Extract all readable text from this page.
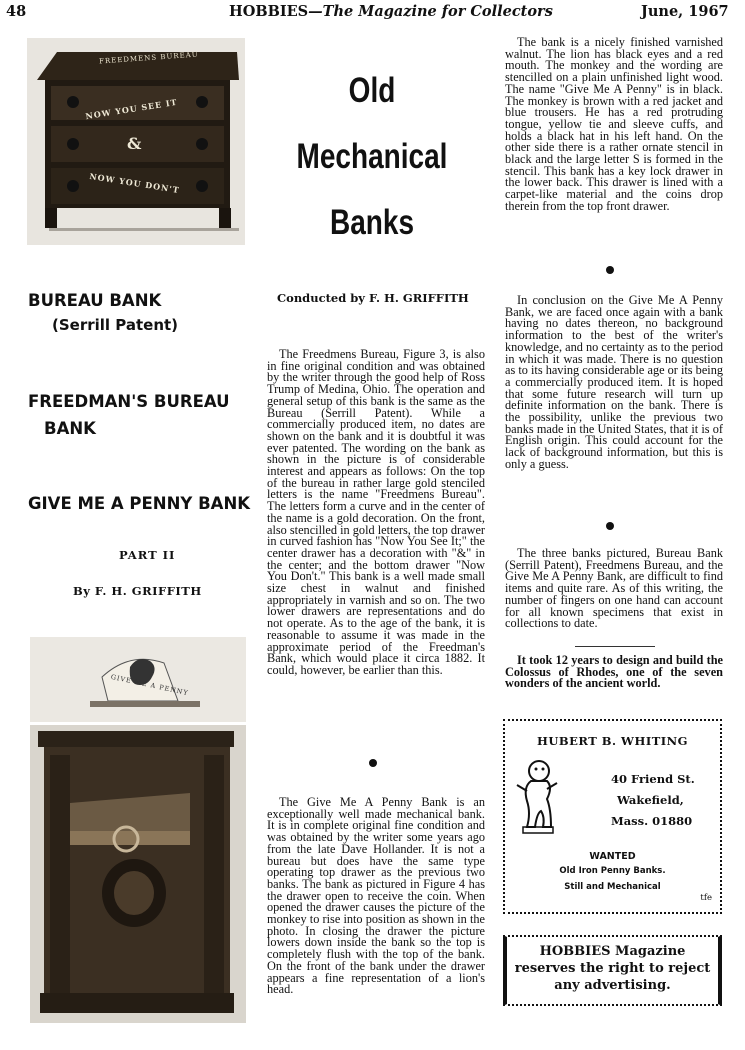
48	HOBBIES—The Magazine for Collectors	June, 1967
FREEDMENS BUREAU
NOW YOU SEE IT
&
NOW YOU DON'T
Old
Mechanical
Banks
Conducted by F. H. GRIFFITH
BUREAU BANK
(Serrill Patent)
FREEDMAN'S BUREAU
BANK
GIVE ME A PENNY BANK
PART II
By F. H. GRIFFITH
GIVE ME A PENNY
The Freedmens Bureau, Figure 3, is also in fine original condition and was obtained by the writer through the good help of Ross Trump of Medina, Ohio. The operation and general setup of this bank is the same as the Bureau (Serrill Patent). While a commercially produced item, no dates are shown on the bank and it is doubtful it was ever patented. The wording on the bank as shown in the picture is of considerable interest and appears as follows: On the top of the bureau in rather large gold stenciled letters is the name "Freedmens Bureau". The letters form a curve and in the center of the name is a gold decoration. On the front, also stencilled in gold letters, the top drawer in curved fashion has "Now You See It;" the center drawer has a decoration with "&" in the center; and the bottom drawer "Now You Don't." This bank is a well made small size chest in walnut and finished appropriately in varnish and so on. The two lower drawers are representations and do not operate. As to the age of the bank, it is reasonable to assume it was made in the approximate period of the Freedman's Bank, which would place it circa 1882. It could, however, be earlier than this.
The Give Me A Penny Bank is an exceptionally well made mechanical bank. It is in complete original fine condition and was obtained by the writer some years ago from the late Dave Hollander. It is not a bureau but does have the same type operating top drawer as the previous two banks. The bank as pictured in Figure 4 has the drawer open to receive the coin. When opened the drawer causes the picture of the monkey to rise into position as shown in the photo. In closing the drawer the picture lowers down inside the bank so the top is completely flush with the top of the bank. On the front of the bank under the drawer appears a fine representation of a lion's head.
The bank is a nicely finished varnished walnut. The lion has black eyes and a red mouth. The monkey and the wording are stencilled on a plain unfinished light wood. The name "Give Me A Penny" is in black. The monkey is brown with a red jacket and blue trousers. He has a red protruding tongue, yellow tie and sleeve cuffs, and holds a black hat in his left hand. On the other side there is a rather ornate stencil in black and the large letter S is formed in the stencil. This bank has a key lock drawer in the lower back. This drawer is lined with a carpet-like material and the coins drop therein from the top front drawer.
In conclusion on the Give Me A Penny Bank, we are faced once again with a bank having no dates thereon, no background information to the best of the writer's knowledge, and no certainty as to the period in which it was made. There is no question as to its having considerable age or its being a commercially produced item. It is hoped that some future research will turn up definite information on the bank. There is the possibility, unlike the previous two banks made in the United States, that it is of English origin. This could account for the lack of background information, but this is only a guess.
The three banks pictured, Bureau Bank (Serrill Patent), Freedmens Bureau, and the Give Me A Penny Bank, are difficult to find items and quite rare. As of this writing, the number of fingers on one hand can account for all known specimens that exist in collections to date.
It took 12 years to design and build the Colossus of Rhodes, one of the seven wonders of the ancient world.
HUBERT B. WHITING
40 Friend St.
Wakefield,
Mass. 01880
WANTED
Old Iron Penny Banks.
Still and Mechanical
tfe
HOBBIES Magazine
reserves the right to reject
any advertising.
